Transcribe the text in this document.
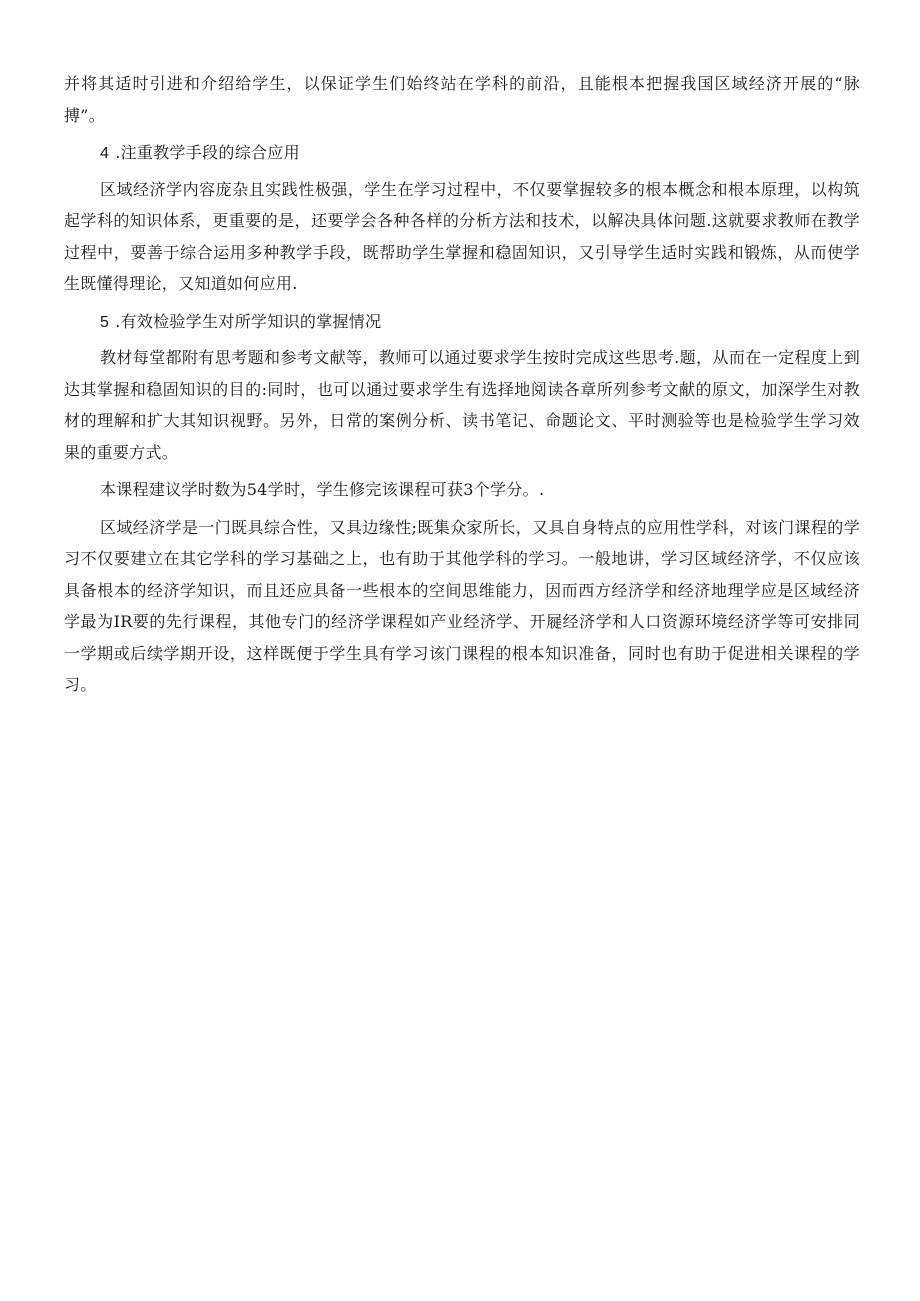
并将其适时引进和介绍给学生，以保证学生们始终站在学科的前沿，且能根本把握我国区域经济开展的“脉搏”。

4 .注重教学手段的综合应用

区域经济学内容庞杂且实践性极强，学生在学习过程中，不仅要掌握较多的根本概念和根本原理，以构筑起学科的知识体系，更重要的是，还要学会各种各样的分析方法和技术，以解决具体问题.这就要求教师在教学过程中，要善于综合运用多种教学手段，既帮助学生掌握和稳固知识，又引导学生适时实践和锻炼，从而使学生既懂得理论，又知道如何应用.

5 .有效检验学生对所学知识的掌握情况

教材每堂都附有思考题和参考文献等，教师可以通过要求学生按时完成这些思考.题，从而在一定程度上到达其掌握和稳固知识的目的:同时，也可以通过要求学生有选择地阅读各章所列参考文献的原文，加深学生对教材的理解和扩大其知识视野。另外，日常的案例分析、读书笔记、命题论文、平时测验等也是检验学生学习效果的重要方式。

本课程建议学时数为54学时，学生修完该课程可获3个学分。.

区域经济学是一门既具综合性，又具边缘性;既集众家所长，又具自身特点的应用性学科，对该门课程的学习不仅要建立在其它学科的学习基础之上，也有助于其他学科的学习。一般地讲，学习区域经济学，不仅应该具备根本的经济学知识，而且还应具备一些根本的空间思维能力，因而西方经济学和经济地理学应是区域经济学最为IR要的先行课程，其他专门的经济学课程如产业经济学、开屣经济学和人口资源环境经济学等可安排同一学期或后续学期开设，这样既便于学生具有学习该门课程的根本知识准备，同时也有助于促进相关课程的学习。
